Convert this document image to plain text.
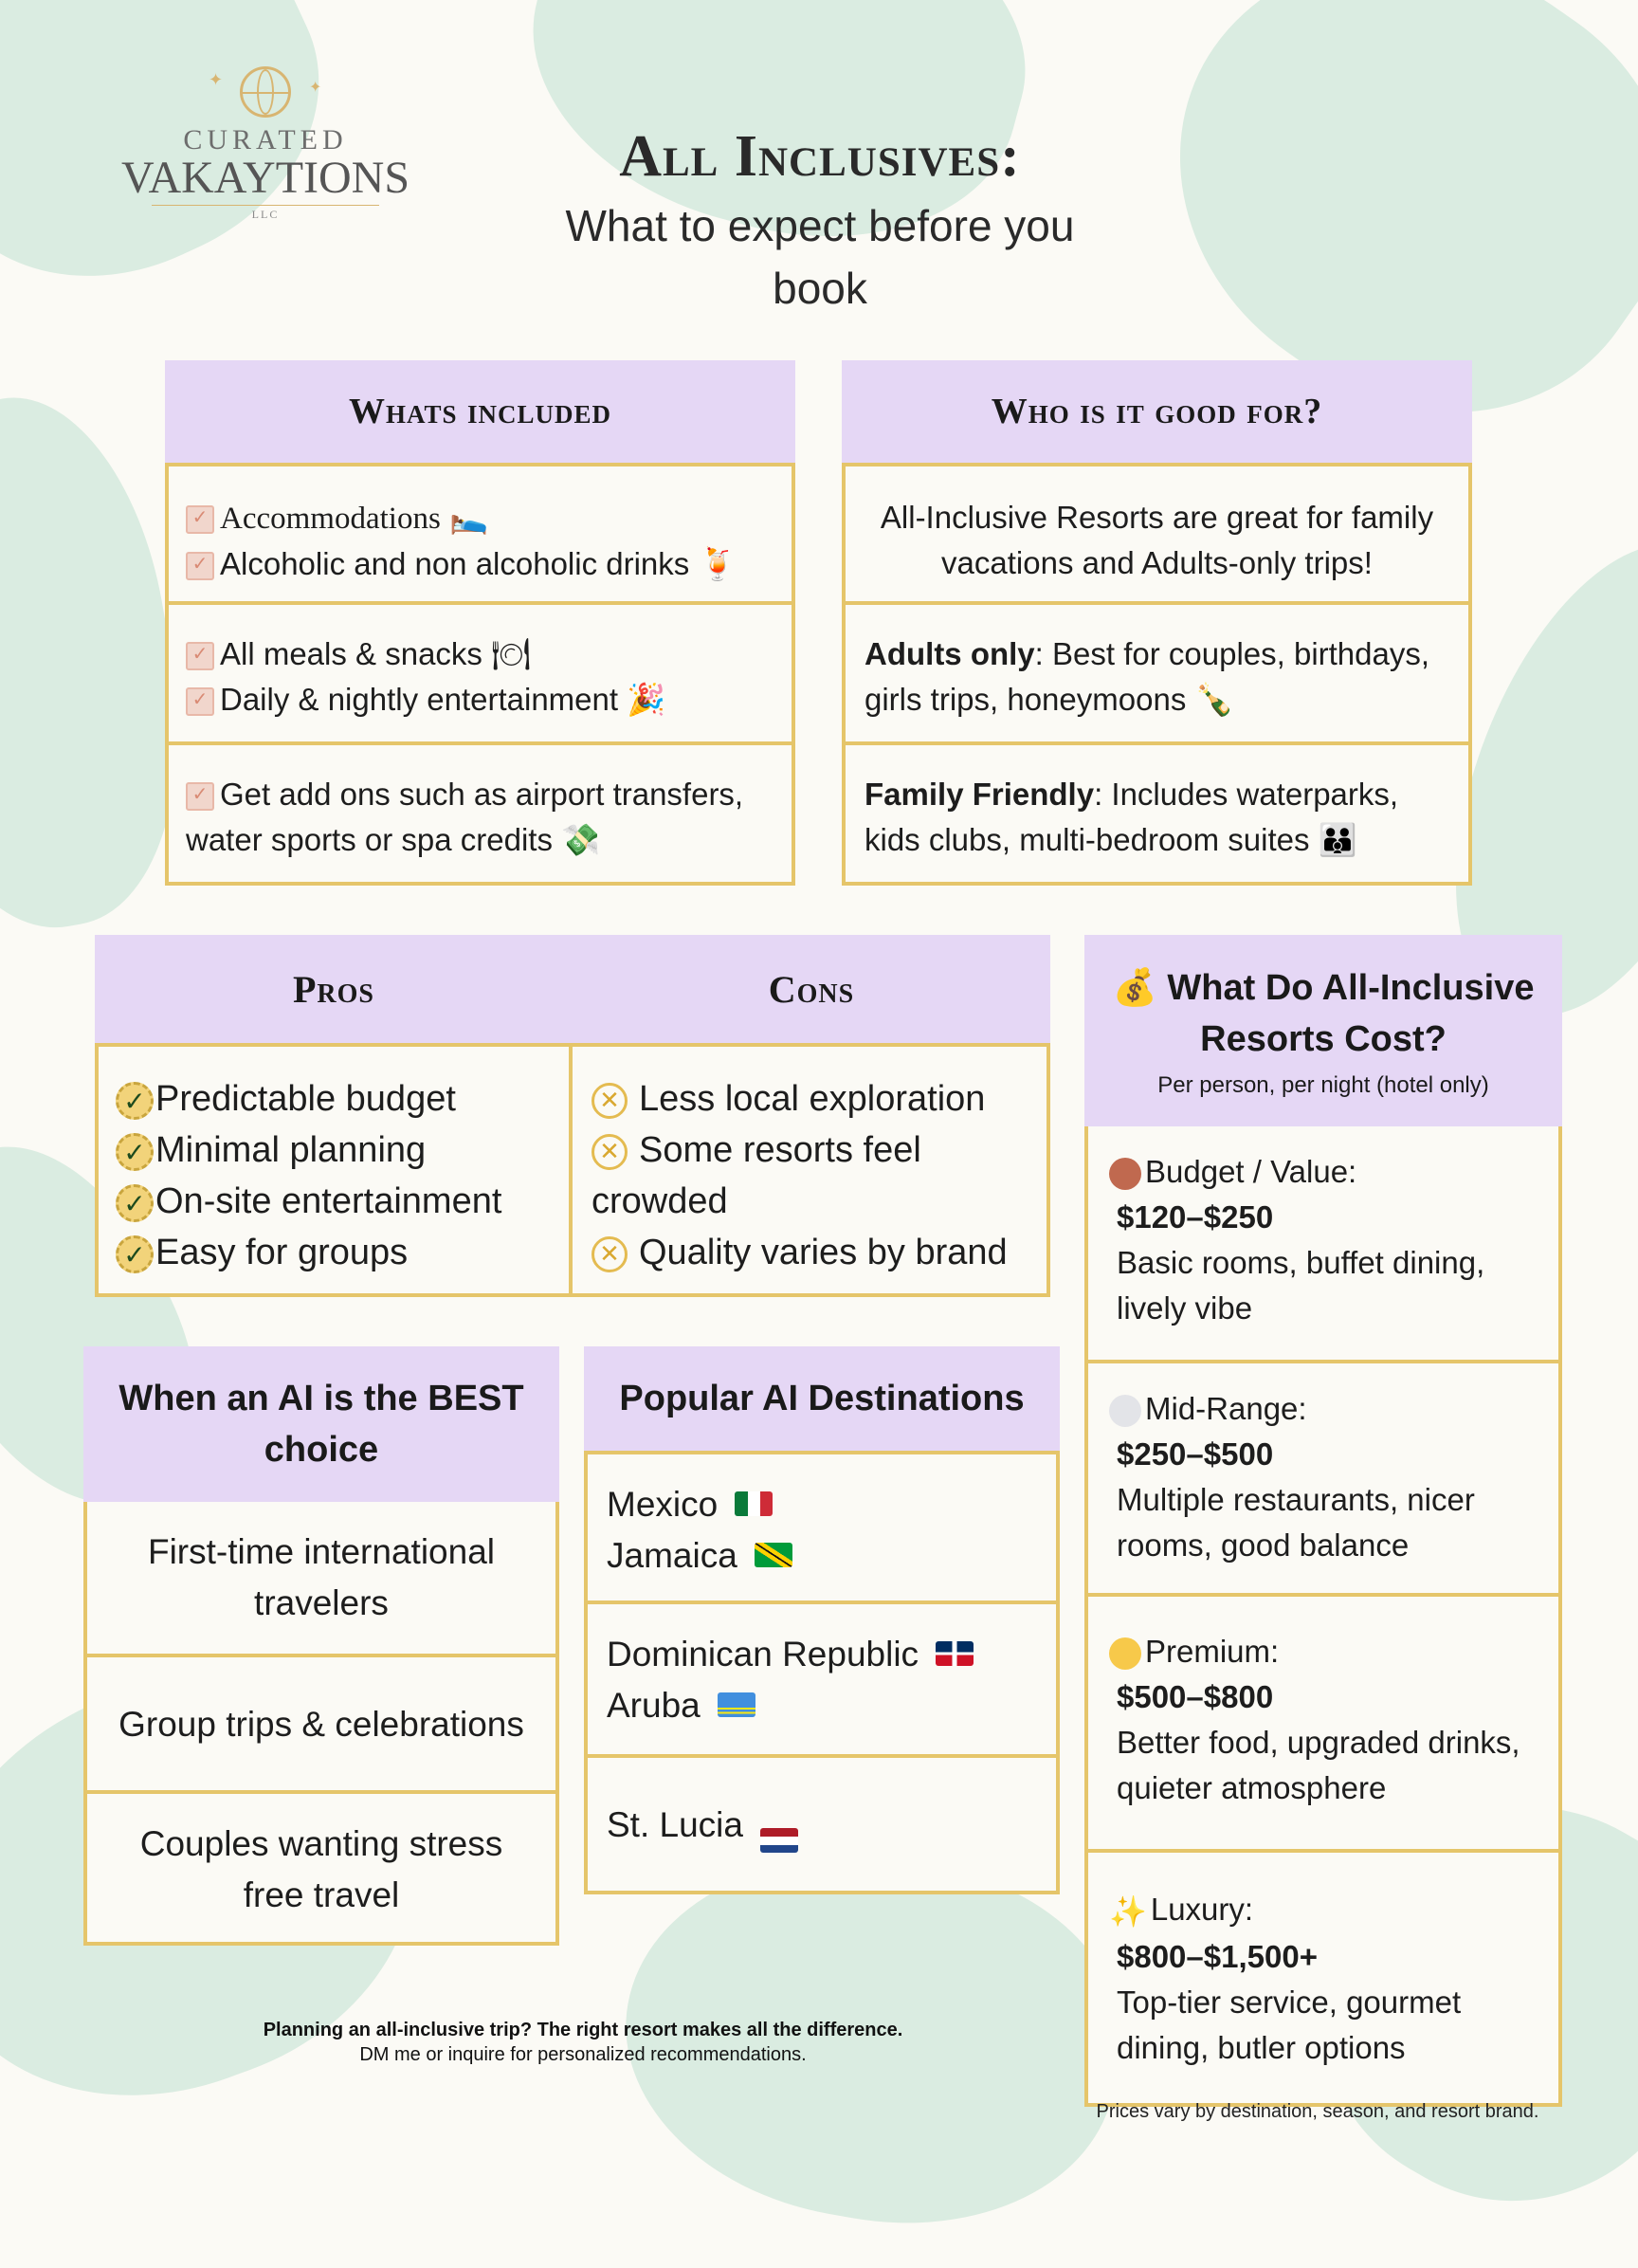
✦	✦
CURATED
VAKAYTIONS
LLC
All Inclusives:
What to expect before you book
Whats included
✓ Accommodations 🛌
✓ Alcoholic and non alcoholic drinks 🍹
✓ All meals & snacks 🍽
✓ Daily & nightly entertainment 🎉
✓ Get add ons such as airport transfers, water sports or spa credits 💸
Who is it good for?
All-Inclusive Resorts are great for family vacations and Adults-only trips!
Adults only: Best for couples, birthdays, girls trips, honeymoons 🍾
Family Friendly: Includes waterparks, kids clubs, multi-bedroom suites 👪
Pros	Cons
✓ Predictable budget
✓ Minimal planning
✓ On-site entertainment
✓ Easy for groups
✕ Less local exploration
✕ Some resorts feel crowded
✕ Quality varies by brand
💰 What Do All-Inclusive Resorts Cost?
Per person, per night (hotel only)
Budget / Value:
$120–$250
Basic rooms, buffet dining, lively vibe
Mid-Range:
$250–$500
Multiple restaurants, nicer rooms, good balance
Premium:
$500–$800
Better food, upgraded drinks, quieter atmosphere
✨ Luxury:
$800–$1,500+
Top-tier service, gourmet dining, butler options
Prices vary by destination, season, and resort brand.
When an AI is the BEST choice
First-time international travelers
Group trips & celebrations
Couples wanting stress free travel
Popular AI Destinations
Mexico
Jamaica
Dominican Republic
Aruba
St. Lucia
Planning an all-inclusive trip? The right resort makes all the difference.
DM me or inquire for personalized recommendations.
